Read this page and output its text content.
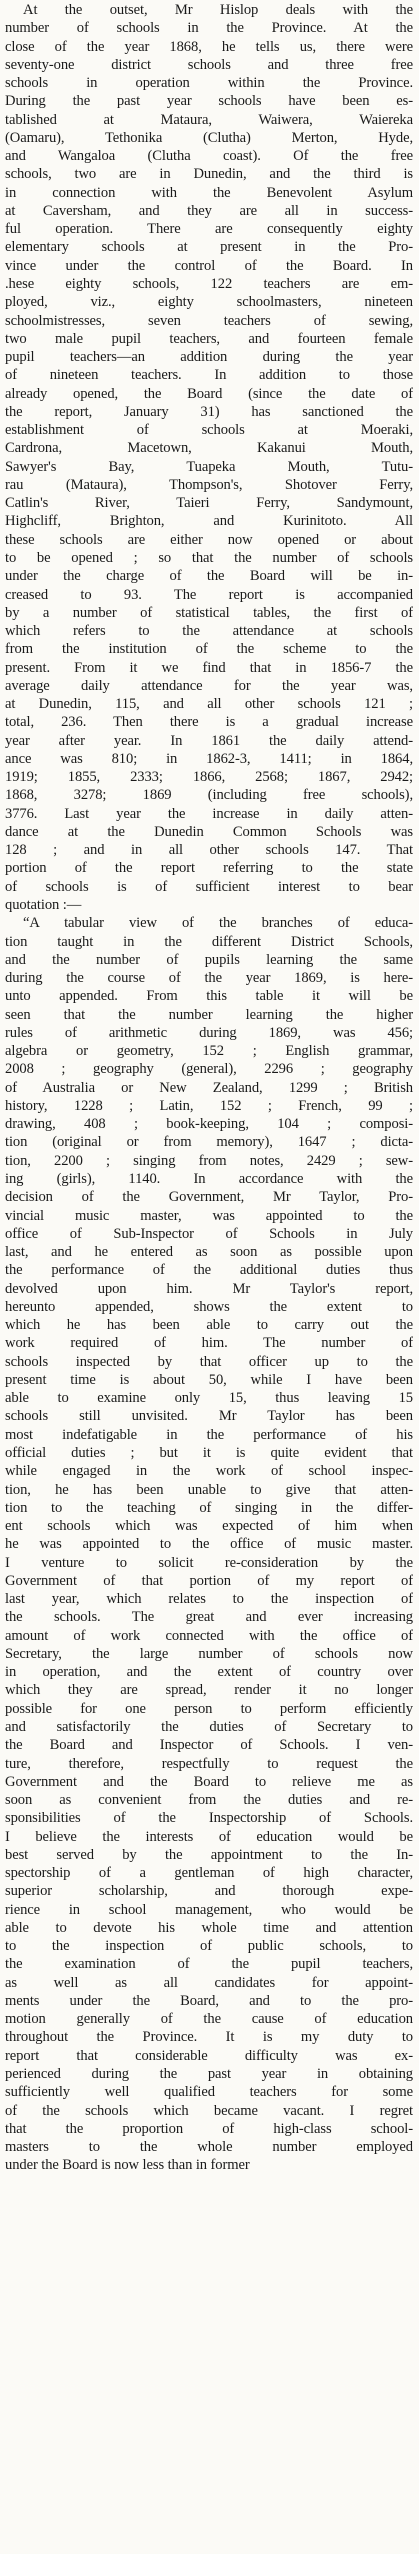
At the outset, Mr Hislop deals with the
number of schools in the Province. At the
close of the year 1868, he tells us, there were
seventy-one district schools and three free
schools in operation within the Province.
During the past year schools have been es-
tablished at Mataura, Waiwera, Waiereka
(Oamaru), Tethonika (Clutha) Merton, Hyde,
and Wangaloa (Clutha coast). Of the free
schools, two are in Dunedin, and the third is
in connection with the Benevolent Asylum
at Caversham, and they are all in success-
ful operation. There are consequently eighty
elementary schools at present in the Pro-
vince under the control of the Board. In
.hese eighty schools, 122 teachers are em-
ployed, viz., eighty schoolmasters, nineteen
schoolmistresses, seven teachers of sewing,
two male pupil teachers, and fourteen female
pupil teachers—an addition during the year
of nineteen teachers. In addition to those
already opened, the Board (since the date of
the report, January 31) has sanctioned the
establishment of schools at Moeraki,
Cardrona, Macetown, Kakanui Mouth,
Sawyer's Bay, Tuapeka Mouth, Tutu-
rau (Mataura), Thompson's, Shotover Ferry,
Catlin's River, Taieri Ferry, Sandymount,
Highcliff, Brighton, and Kurinitoto. All
these schools are either now opened or about
to be opened ; so that the number of schools
under the charge of the Board will be in-
creased to 93. The report is accompanied
by a number of statistical tables, the first of
which refers to the attendance at schools
from the institution of the scheme to the
present. From it we find that in 1856-7 the
average daily attendance for the year was,
at Dunedin, 115, and all other schools 121 ;
total, 236. Then there is a gradual increase
year after year. In 1861 the daily attend-
ance was 810; in 1862-3, 1411; in 1864,
1919; 1855, 2333; 1866, 2568; 1867, 2942;
1868, 3278; 1869 (including free schools),
3776. Last year the increase in daily atten-
dance at the Dunedin Common Schools was
128 ; and in all other schools 147. That
portion of the report referring to the state
of schools is of sufficient interest to bear
quotation :—
“A tabular view of the branches of educa-
tion taught in the different District Schools,
and the number of pupils learning the same
during the course of the year 1869, is here-
unto appended. From this table it will be
seen that the number learning the higher
rules of arithmetic during 1869, was 456;
algebra or geometry, 152 ; English grammar,
2008 ; geography (general), 2296 ; geography
of Australia or New Zealand, 1299 ; British
history, 1228 ; Latin, 152 ; French, 99 ;
drawing, 408 ; book-keeping, 104 ; composi-
tion (original or from memory), 1647 ; dicta-
tion, 2200 ; singing from notes, 2429 ; sew-
ing (girls), 1140. In accordance with the
decision of the Government, Mr Taylor, Pro-
vincial music master, was appointed to the
office of Sub-Inspector of Schools in July
last, and he entered as soon as possible upon
the performance of the additional duties thus
devolved upon him. Mr Taylor's report,
hereunto appended, shows the extent to
which he has been able to carry out the
work required of him. The number of
schools inspected by that officer up to the
present time is about 50, while I have been
able to examine only 15, thus leaving 15
schools still unvisited. Mr Taylor has been
most indefatigable in the performance of his
official duties ; but it is quite evident that
while engaged in the work of school inspec-
tion, he has been unable to give that atten-
tion to the teaching of singing in the differ-
ent schools which was expected of him when
he was appointed to the office of music master.
I venture to solicit re-consideration by the
Government of that portion of my report of
last year, which relates to the inspection of
the schools. The great and ever increasing
amount of work connected with the office of
Secretary, the large number of schools now
in operation, and the extent of country over
which they are spread, render it no longer
possible for one person to perform efficiently
and satisfactorily the duties of Secretary to
the Board and Inspector of Schools. I ven-
ture, therefore, respectfully to request the
Government and the Board to relieve me as
soon as convenient from the duties and re-
sponsibilities of the Inspectorship of Schools.
I believe the interests of education would be
best served by the appointment to the In-
spectorship of a gentleman of high character,
superior scholarship, and thorough expe-
rience in school management, who would be
able to devote his whole time and attention
to the inspection of public schools, to
the examination of the pupil teachers,
as well as all candidates for appoint-
ments under the Board, and to the pro-
motion generally of the cause of education
throughout the Province. It is my duty to
report that considerable difficulty was ex-
perienced during the past year in obtaining
sufficiently well qualified teachers for some
of the schools which became vacant. I regret
that the proportion of high-class school-
masters to the whole number employed
under the Board is now less than in former
